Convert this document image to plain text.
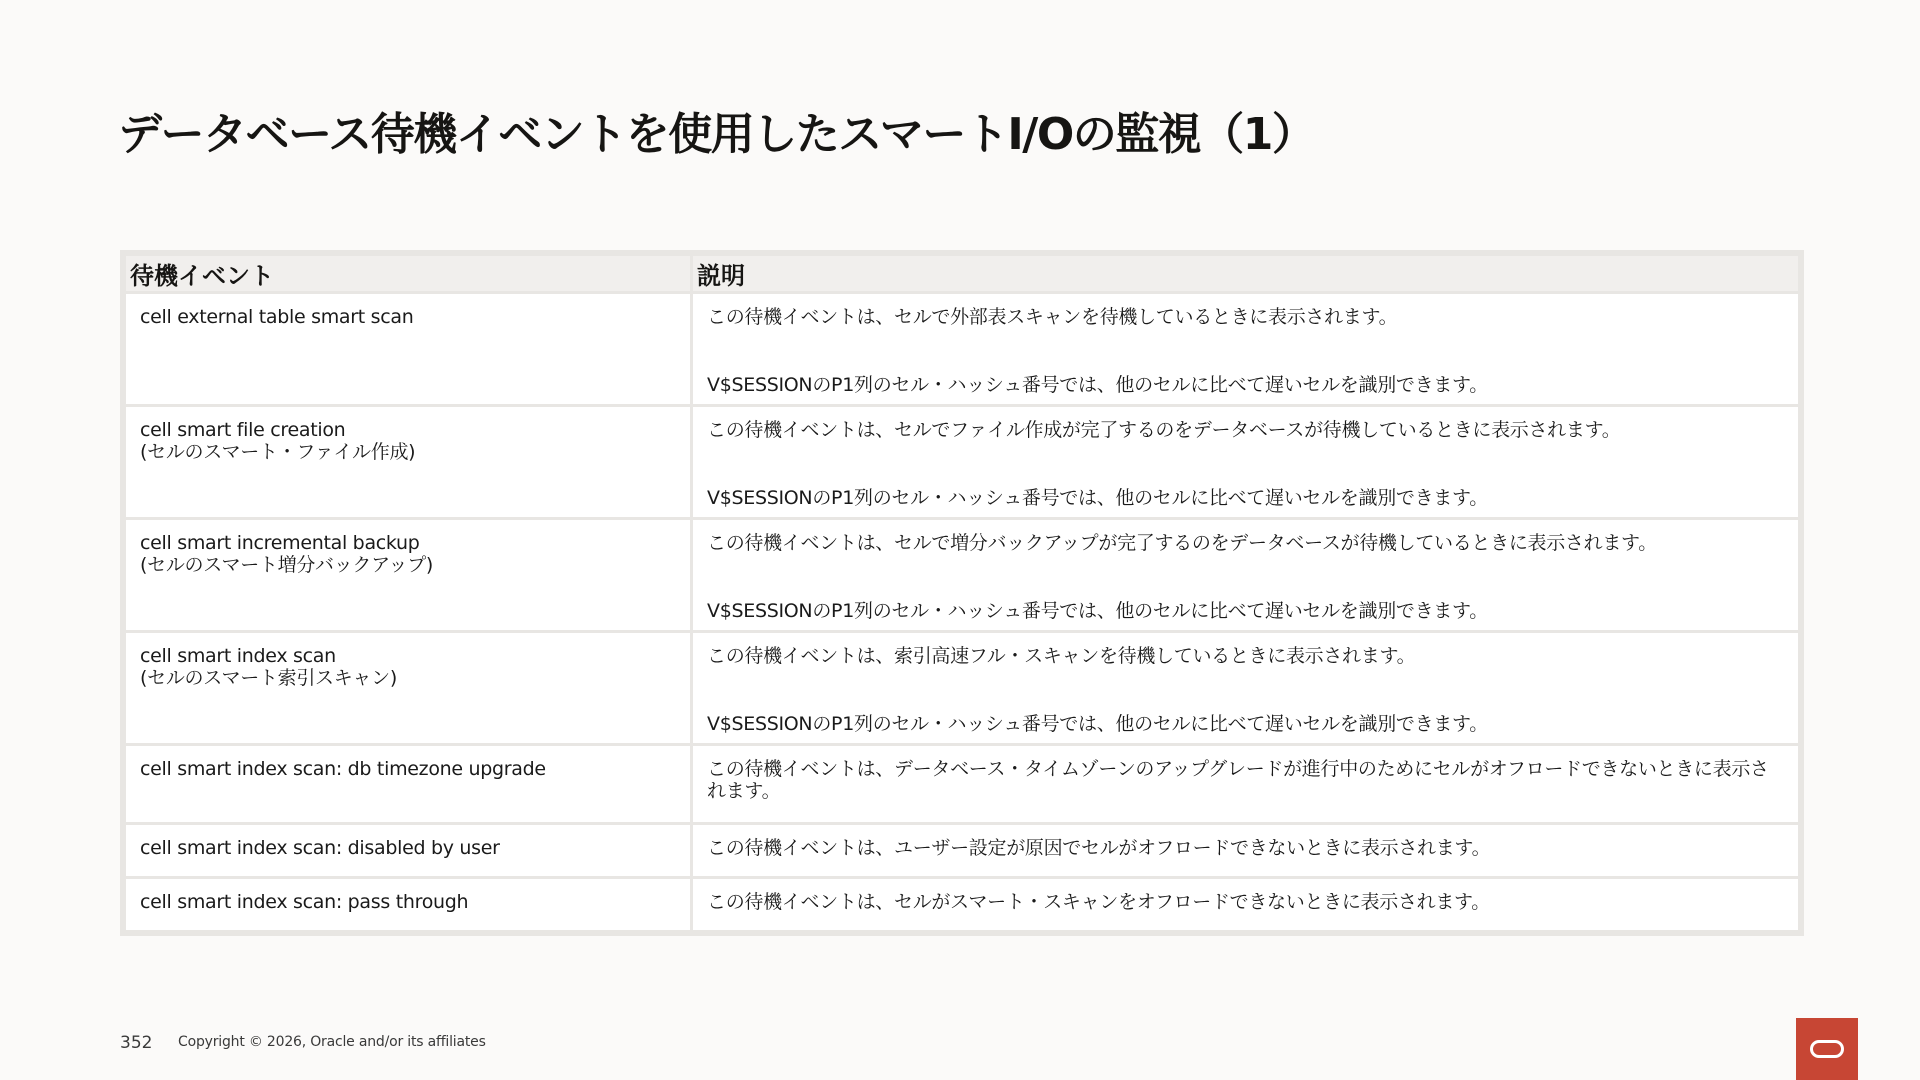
データベース待機イベントを使用したスマートI/Oの監視（1）
待機イベント	説明
cell external table smart scan	この待機イベントは、セルで外部表スキャンを待機しているときに表示されます。
V$SESSIONのP1列のセル・ハッシュ番号では、他のセルに比べて遅いセルを識別できます。

cell smart file creation
(セルのスマート・ファイル作成)	この待機イベントは、セルでファイル作成が完了するのをデータベースが待機しているときに表示されます。
V$SESSIONのP1列のセル・ハッシュ番号では、他のセルに比べて遅いセルを識別できます。

cell smart incremental backup
(セルのスマート増分バックアップ)	この待機イベントは、セルで増分バックアップが完了するのをデータベースが待機しているときに表示されます。
V$SESSIONのP1列のセル・ハッシュ番号では、他のセルに比べて遅いセルを識別できます。

cell smart index scan
(セルのスマート索引スキャン)	この待機イベントは、索引高速フル・スキャンを待機しているときに表示されます。
V$SESSIONのP1列のセル・ハッシュ番号では、他のセルに比べて遅いセルを識別できます。

cell smart index scan: db timezone upgrade	この待機イベントは、データベース・タイムゾーンのアップグレードが進行中のためにセルがオフロードできないときに表示されます。

cell smart index scan: disabled by user	この待機イベントは、ユーザー設定が原因でセルがオフロードできないときに表示されます。

cell smart index scan: pass through	この待機イベントは、セルがスマート・スキャンをオフロードできないときに表示されます。
352 Copyright © 2026, Oracle and/or its affiliates
